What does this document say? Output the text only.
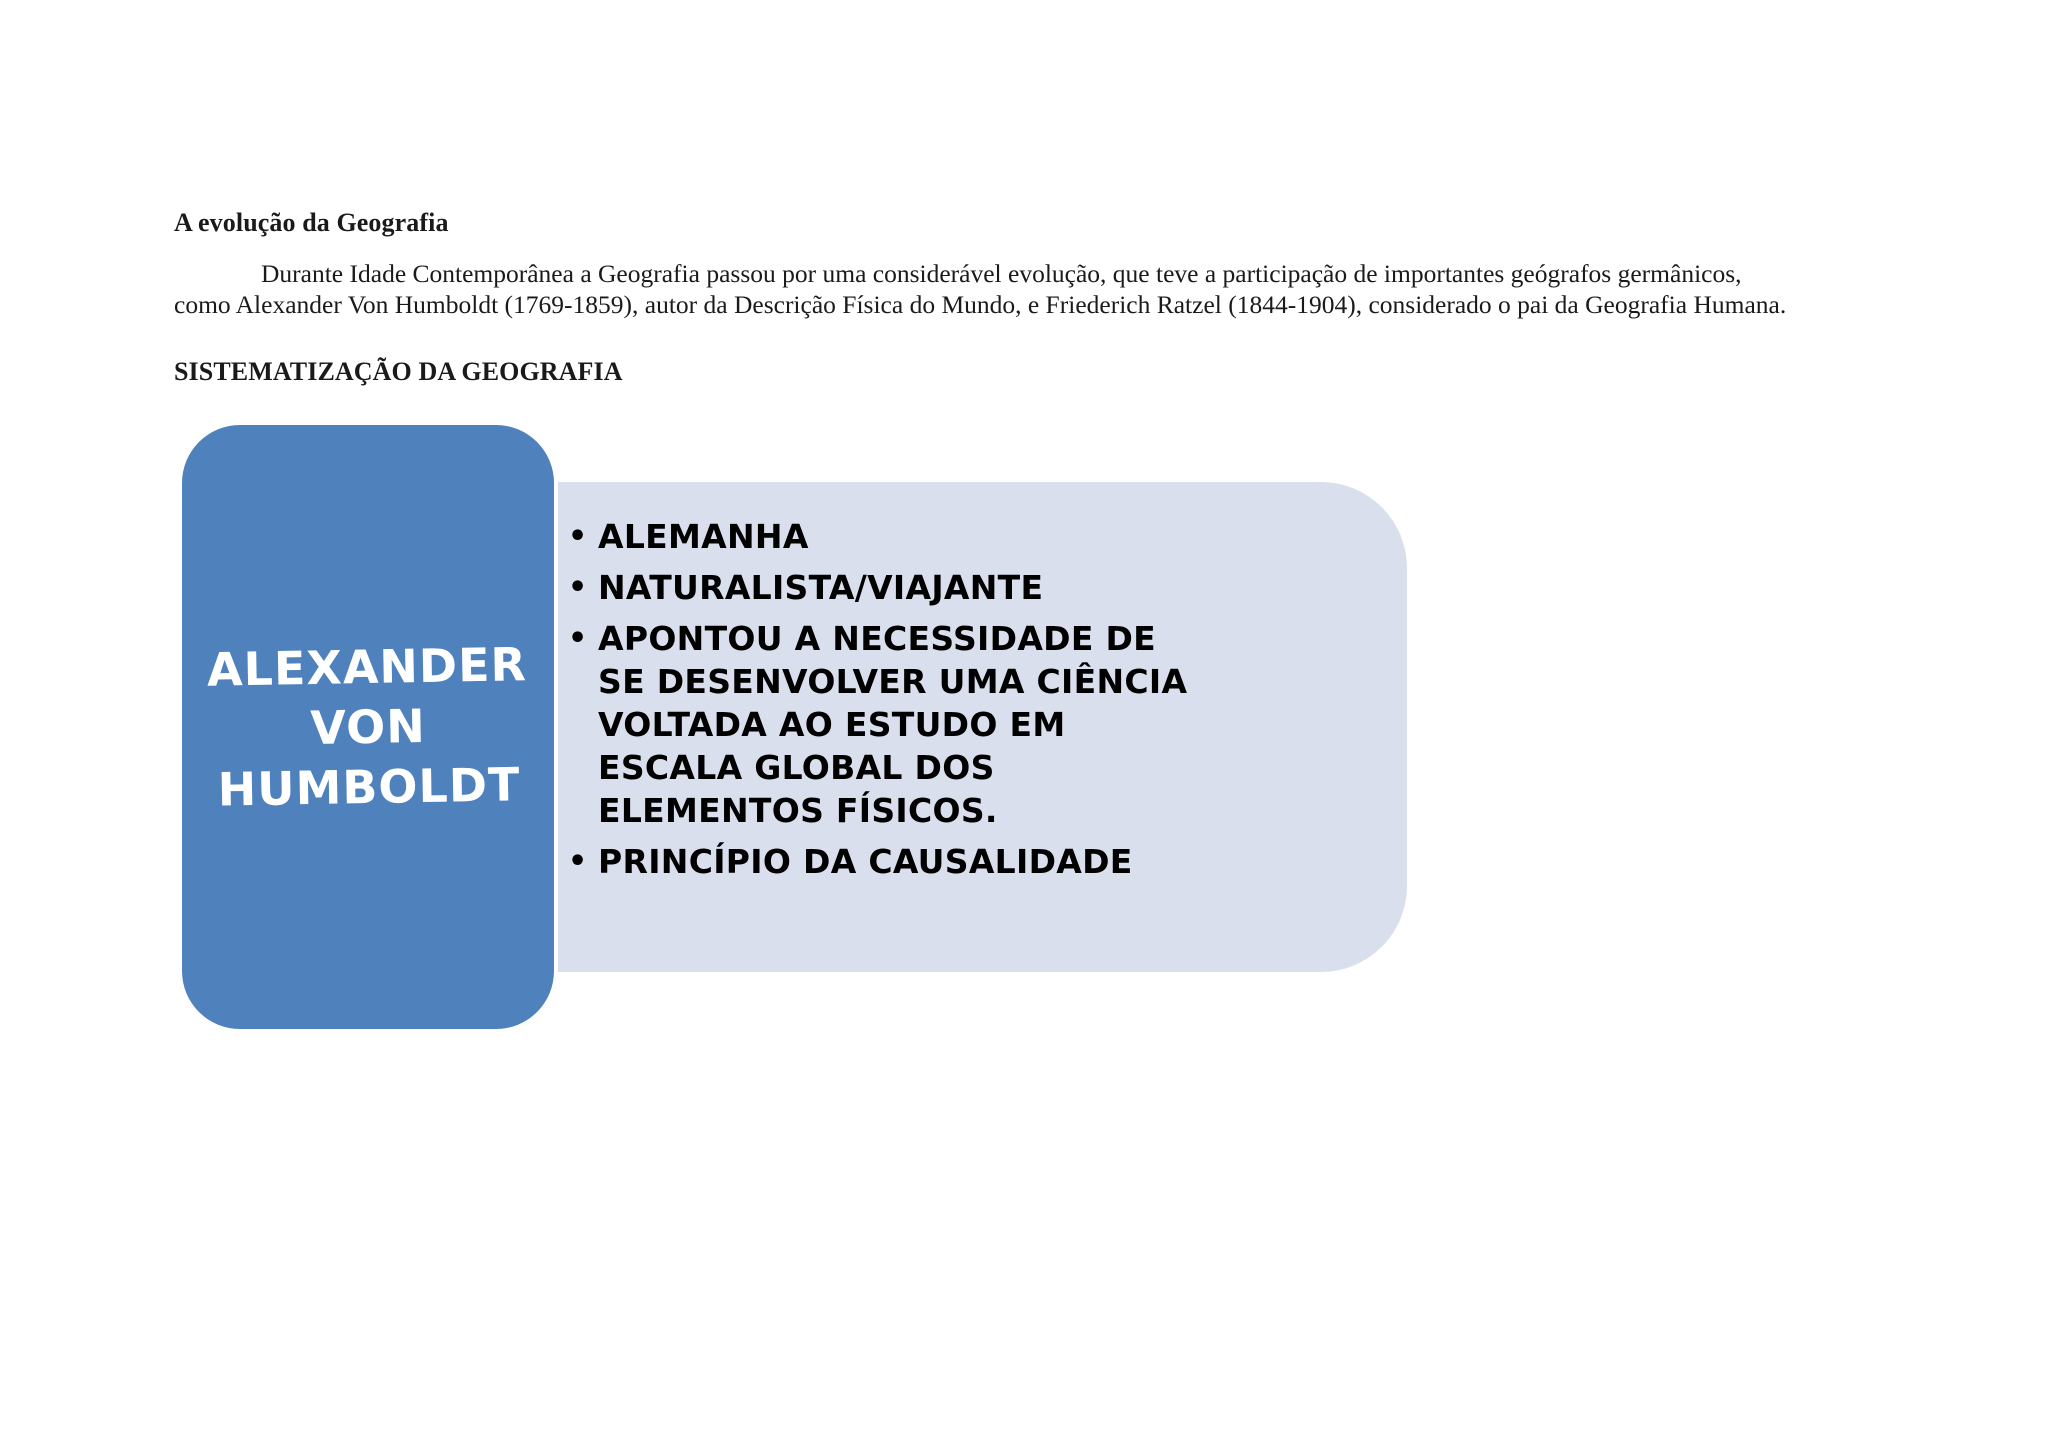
A evolução da Geografia
Durante Idade Contemporânea a Geografia passou por uma considerável evolução, que teve a participação de importantes geógrafos germânicos,
como Alexander Von Humboldt (1769-1859), autor da Descrição Física do Mundo, e Friederich Ratzel (1844-1904), considerado o pai da Geografia Humana.
SISTEMATIZAÇÃO DA GEOGRAFIA
ALEXANDER
VON
HUMBOLDT
• ALEMANHA
• NATURALISTA/VIAJANTE
• APONTOU A NECESSIDADE DE SE DESENVOLVER UMA CIÊNCIA VOLTADA AO ESTUDO EM ESCALA GLOBAL DOS ELEMENTOS FÍSICOS.
• PRINCÍPIO DA CAUSALIDADE
